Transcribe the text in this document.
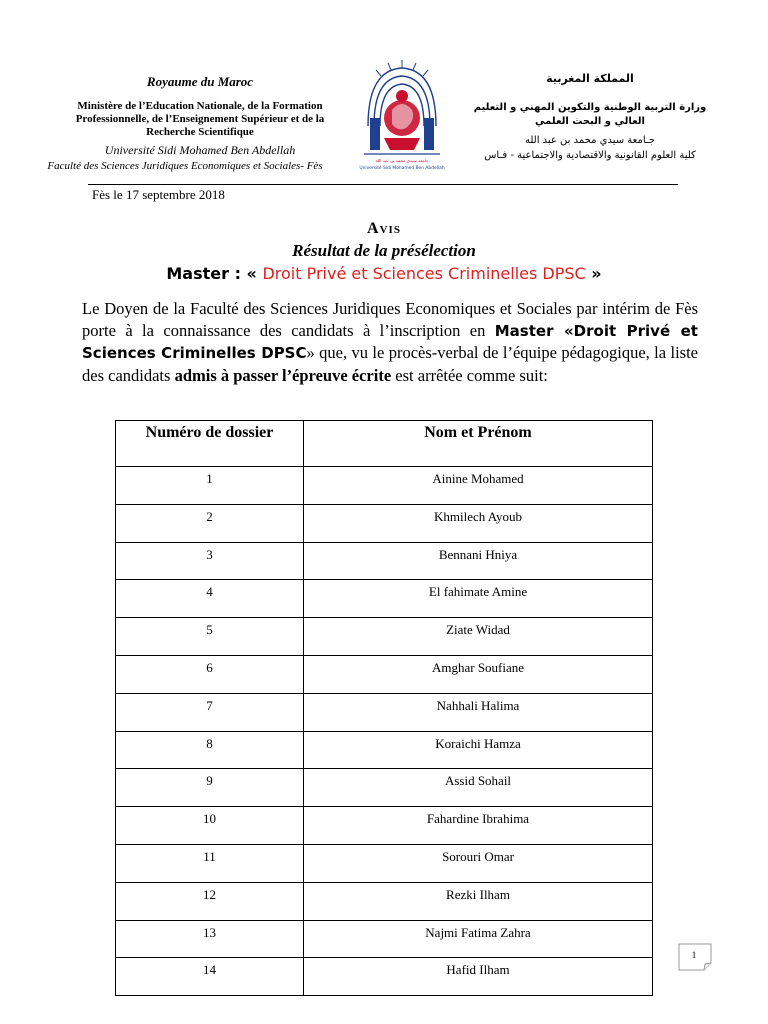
Royaume du Maroc
Ministère de l’Education Nationale, de la Formation Professionnelle, de l’Enseignement Supérieur et de la Recherche Scientifique
Université Sidi Mohamed Ben Abdellah
Faculté des Sciences Juridiques Economiques et Sociales- Fès	جامعة سيدي محمد بن عبد الله
Université Sidi Mohamed Ben Abdellah
المملكة المغربية
وزارة التربية الوطنية والتكوين المهني و التعليم العالي و البحث العلمي
جـامعة سيدي محمد بن عبد الله
كلية العلوم القانونية والاقتصادية والاجتماعية - فـاس
Fès le 17 septembre 2018
Avis
Résultat de la présélection
Master : « Droit Privé et Sciences Criminelles DPSC »
Le Doyen de la Faculté des Sciences Juridiques Economiques et Sociales par intérim de Fès porte à la connaissance des candidats à l’inscription en Master «Droit Privé et Sciences Criminelles DPSC» que, vu le procès-verbal de l’équipe pédagogique, la liste des candidats admis à passer l’épreuve écrite est arrêtée comme suit:
Numéro de dossier	Nom et Prénom
1	Ainine Mohamed
2	Khmilech Ayoub
3	Bennani Hniya
4	El fahimate Amine
5	Ziate Widad
6	Amghar Soufiane
7	Nahhali Halima
8	Koraichi Hamza
9	Assid Sohail
10	Fahardine Ibrahima
11	Sorouri Omar
12	Rezki Ilham
13	Najmi Fatima Zahra
14	Hafid Ilham
1
